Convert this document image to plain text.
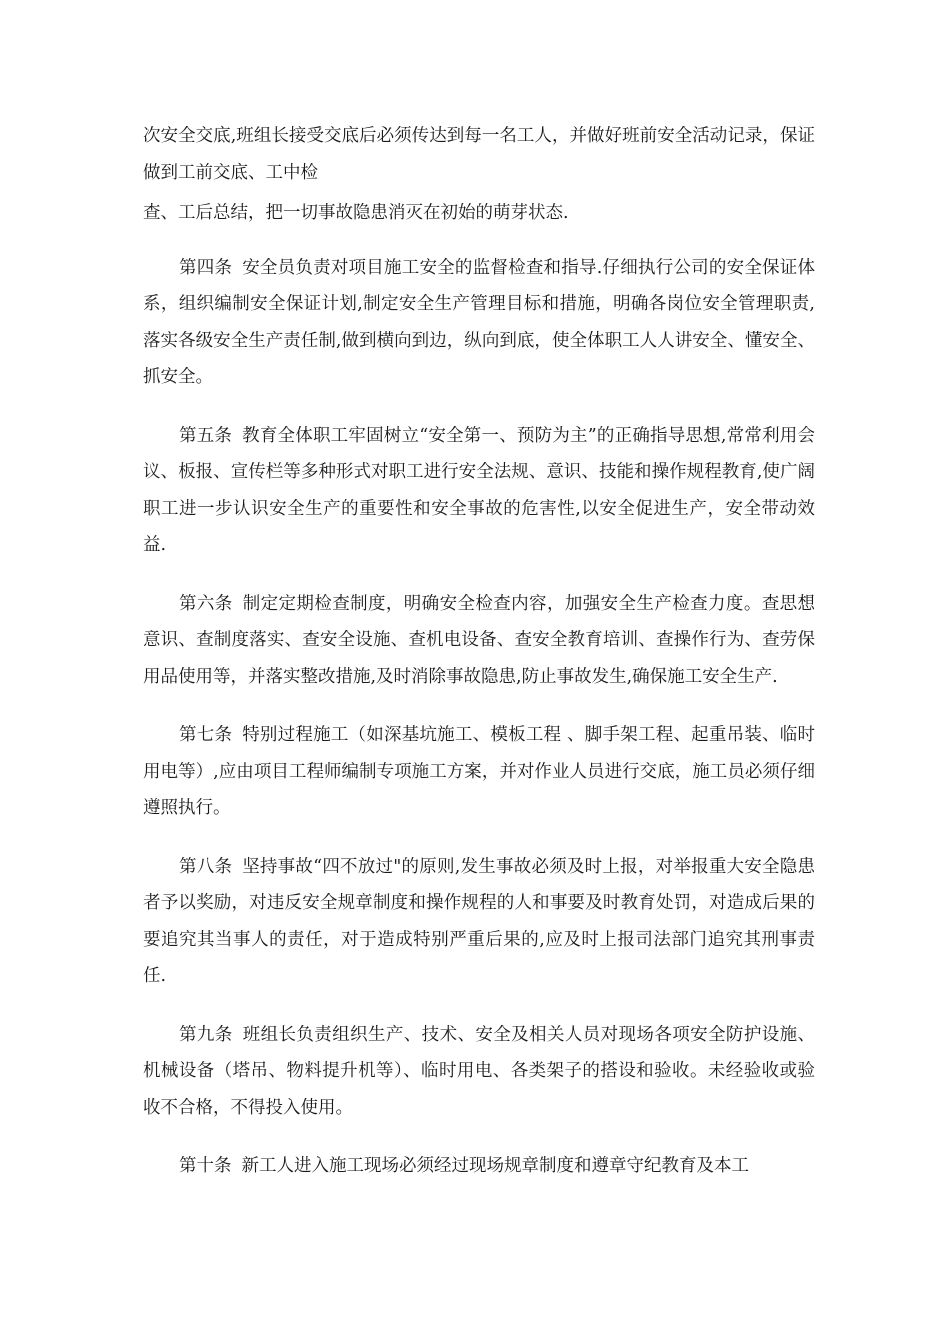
次安全交底,班组长接受交底后必须传达到每一名工人，并做好班前安全活动记录，保证做到工前交底、工中检

查、工后总结，把一切事故隐患消灭在初始的萌芽状态.

第四条 安全员负责对项目施工安全的监督检查和指导.仔细执行公司的安全保证体系，组织编制安全保证计划,制定安全生产管理目标和措施，明确各岗位安全管理职责,落实各级安全生产责任制,做到横向到边，纵向到底，使全体职工人人讲安全、懂安全、抓安全。

第五条 教育全体职工牢固树立“安全第一、预防为主”的正确指导思想,常常利用会议、板报、宣传栏等多种形式对职工进行安全法规、意识、技能和操作规程教育,使广阔职工进一步认识安全生产的重要性和安全事故的危害性,以安全促进生产，安全带动效益.

第六条 制定定期检查制度，明确安全检查内容，加强安全生产检查力度。查思想意识、查制度落实、查安全设施、查机电设备、查安全教育培训、查操作行为、查劳保用品使用等，并落实整改措施,及时消除事故隐患,防止事故发生,确保施工安全生产.

第七条 特别过程施工（如深基坑施工、模板工程 、脚手架工程、起重吊装、临时用电等）,应由项目工程师编制专项施工方案，并对作业人员进行交底，施工员必须仔细遵照执行。

第八条 坚持事故“四不放过"的原则,发生事故必须及时上报，对举报重大安全隐患者予以奖励，对违反安全规章制度和操作规程的人和事要及时教育处罚，对造成后果的要追究其当事人的责任，对于造成特别严重后果的,应及时上报司法部门追究其刑事责任.

第九条 班组长负责组织生产、技术、安全及相关人员对现场各项安全防护设施、机械设备（塔吊、物料提升机等）、临时用电、各类架子的搭设和验收。未经验收或验收不合格，不得投入使用。

第十条 新工人进入施工现场必须经过现场规章制度和遵章守纪教育及本工
